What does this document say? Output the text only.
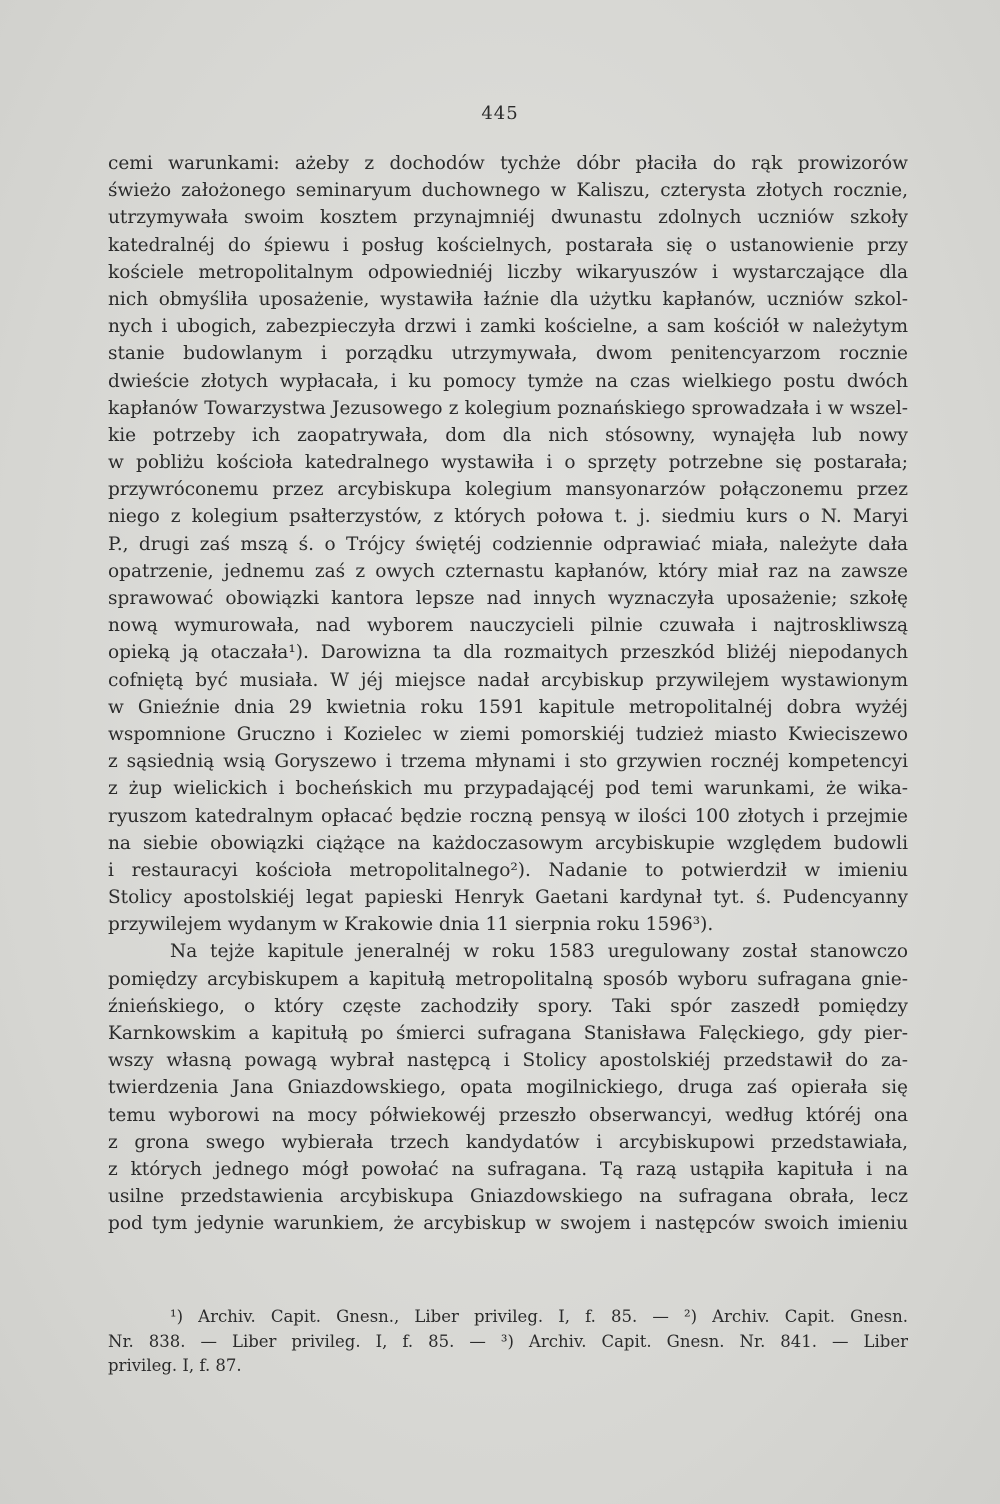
445
cemi warunkami: ażeby z dochodów tychże dóbr płaciła do rąk prowizorów
świeżo założonego seminaryum duchownego w Kaliszu, czterysta złotych rocznie,
utrzymywała swoim kosztem przynajmniéj dwunastu zdolnych uczniów szkoły
katedralnéj do śpiewu i posług kościelnych, postarała się o ustanowienie przy
kościele metropolitalnym odpowiedniéj liczby wikaryuszów i wystarczające dla
nich obmyśliła uposażenie, wystawiła łaźnie dla użytku kapłanów, uczniów szkol-
nych i ubogich, zabezpieczyła drzwi i zamki kościelne, a sam kościół w należytym
stanie budowlanym i porządku utrzymywała, dwom penitencyarzom rocznie
dwieście złotych wypłacała, i ku pomocy tymże na czas wielkiego postu dwóch
kapłanów Towarzystwa Jezusowego z kolegium poznańskiego sprowadzała i w wszel-
kie potrzeby ich zaopatrywała, dom dla nich stósowny, wynajęła lub nowy
w pobliżu kościoła katedralnego wystawiła i o sprzęty potrzebne się postarała;
przywróconemu przez arcybiskupa kolegium mansyonarzów połączonemu przez
niego z kolegium psałterzystów, z których połowa t. j. siedmiu kurs o N. Maryi
P., drugi zaś mszą ś. o Trójcy świętéj codziennie odprawiać miała, należyte dała
opatrzenie, jednemu zaś z owych czternastu kapłanów, który miał raz na zawsze
sprawować obowiązki kantora lepsze nad innych wyznaczyła uposażenie; szkołę
nową wymurowała, nad wyborem nauczycieli pilnie czuwała i najtroskliwszą
opieką ją otaczała¹). Darowizna ta dla rozmaitych przeszkód bliżéj niepodanych
cofniętą być musiała. W jéj miejsce nadał arcybiskup przywilejem wystawionym
w Gnieźnie dnia 29 kwietnia roku 1591 kapitule metropolitalnéj dobra wyżéj
wspomnione Gruczno i Kozielec w ziemi pomorskiéj tudzież miasto Kwieciszewo
z sąsiednią wsią Goryszewo i trzema młynami i sto grzywien rocznéj kompetencyi
z żup wielickich i bocheńskich mu przypadającéj pod temi warunkami, że wika-
ryuszom katedralnym opłacać będzie roczną pensyą w ilości 100 złotych i przejmie
na siebie obowiązki ciążące na każdoczasowym arcybiskupie względem budowli
i restauracyi kościoła metropolitalnego²). Nadanie to potwierdził w imieniu
Stolicy apostolskiéj legat papieski Henryk Gaetani kardynał tyt. ś. Pudencyanny
przywilejem wydanym w Krakowie dnia 11 sierpnia roku 1596³).
Na tejże kapitule jeneralnéj w roku 1583 uregulowany został stanowczo
pomiędzy arcybiskupem a kapitułą metropolitalną sposób wyboru sufragana gnie-
źnieńskiego, o który częste zachodziły spory. Taki spór zaszedł pomiędzy
Karnkowskim a kapitułą po śmierci sufragana Stanisława Falęckiego, gdy pier-
wszy własną powagą wybrał następcą i Stolicy apostolskiéj przedstawił do za-
twierdzenia Jana Gniazdowskiego, opata mogilnickiego, druga zaś opierała się
temu wyborowi na mocy półwiekowéj przeszło obserwancyi, według któréj ona
z grona swego wybierała trzech kandydatów i arcybiskupowi przedstawiała,
z których jednego mógł powołać na sufragana. Tą razą ustąpiła kapituła i na
usilne przedstawienia arcybiskupa Gniazdowskiego na sufragana obrała, lecz
pod tym jedynie warunkiem, że arcybiskup w swojem i następców swoich imieniu
¹) Archiv. Capit. Gnesn., Liber privileg. I, f. 85. — ²) Archiv. Capit. Gnesn.
Nr. 838. — Liber privileg. I, f. 85. — ³) Archiv. Capit. Gnesn. Nr. 841. — Liber
privileg. I, f. 87.
